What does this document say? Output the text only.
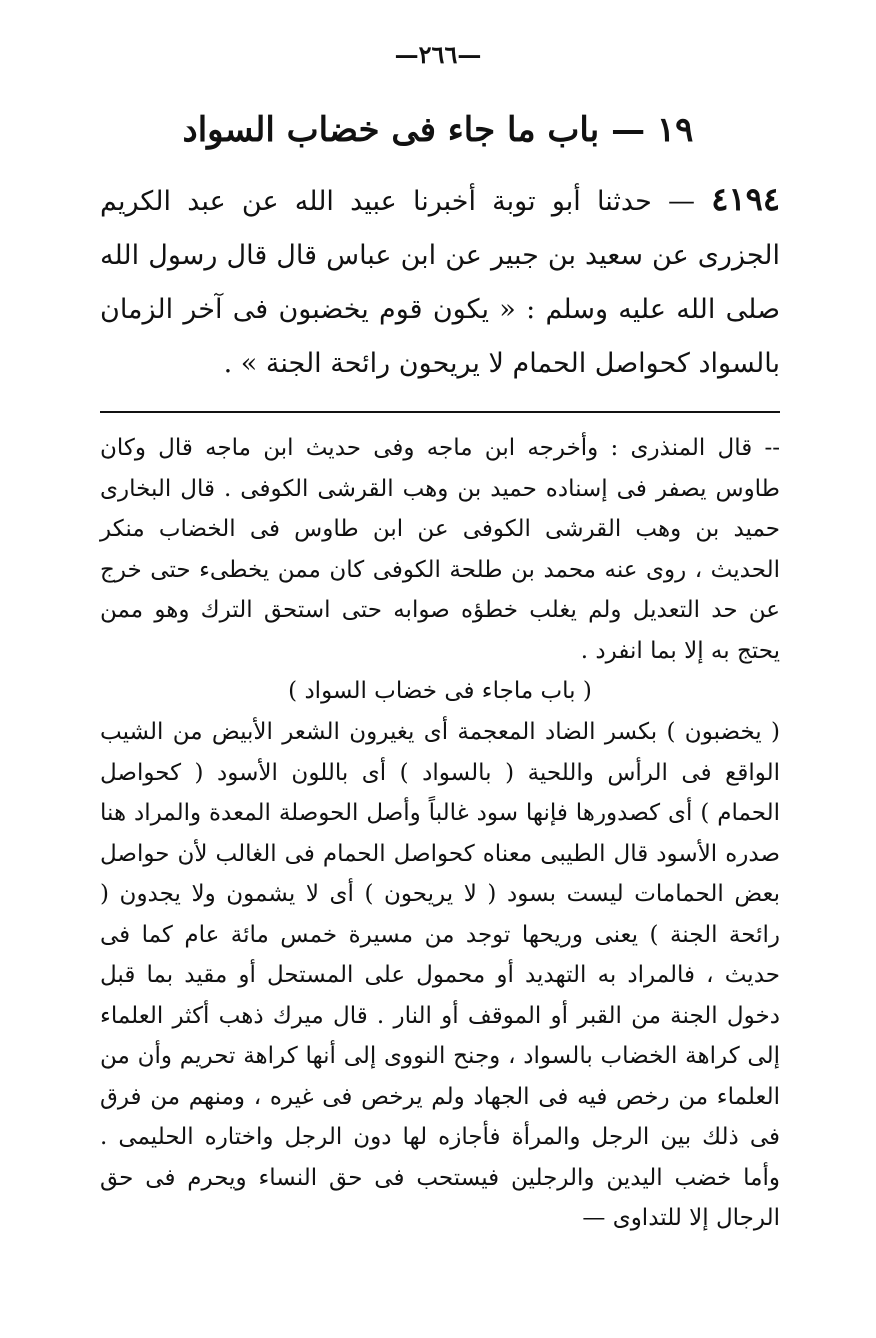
—٢٦٦—
١٩ — باب ما جاء فى خضاب السواد
٤١٩٤ — حدثنا أبو توبة أخبرنا عبيد الله عن عبد الكريم الجزرى عن سعيد بن جبير عن ابن عباس قال قال رسول الله صلى الله عليه وسلم : « يكون قوم يخضبون فى آخر الزمان بالسواد كحواصل الحمام لا يريحون رائحة الجنة » .

-- قال المنذرى : وأخرجه ابن ماجه وفى حديث ابن ماجه قال وكان طاوس يصفر فى إسناده حميد بن وهب القرشى الكوفى . قال البخارى حميد بن وهب القرشى الكوفى عن ابن طاوس فى الخضاب منكر الحديث ، روى عنه محمد بن طلحة الكوفى كان ممن يخطىء حتى خرج عن حد التعديل ولم يغلب خطؤه صوابه حتى استحق الترك وهو ممن يحتج به إلا بما انفرد .

( باب ماجاء فى خضاب السواد )

( يخضبون ) بكسر الضاد المعجمة أى يغيرون الشعر الأبيض من الشيب الواقع فى الرأس واللحية ( بالسواد ) أى باللون الأسود ( كحواصل الحمام ) أى كصدورها فإنها سود غالباً وأصل الحوصلة المعدة والمراد هنا صدره الأسود قال الطيبى معناه كحواصل الحمام فى الغالب لأن حواصل بعض الحمامات ليست بسود ( لا يريحون ) أى لا يشمون ولا يجدون ( رائحة الجنة ) يعنى وريحها توجد من مسيرة خمس مائة عام كما فى حديث ، فالمراد به التهديد أو محمول على المستحل أو مقيد بما قبل دخول الجنة من القبر أو الموقف أو النار . قال ميرك ذهب أكثر العلماء إلى كراهة الخضاب بالسواد ، وجنح النووى إلى أنها كراهة تحريم وأن من العلماء من رخص فيه فى الجهاد ولم يرخص فى غيره ، ومنهم من فرق فى ذلك بين الرجل والمرأة فأجازه لها دون الرجل واختاره الحليمى . وأما خضب اليدين والرجلين فيستحب فى حق النساء ويحرم فى حق الرجال إلا للتداوى —
